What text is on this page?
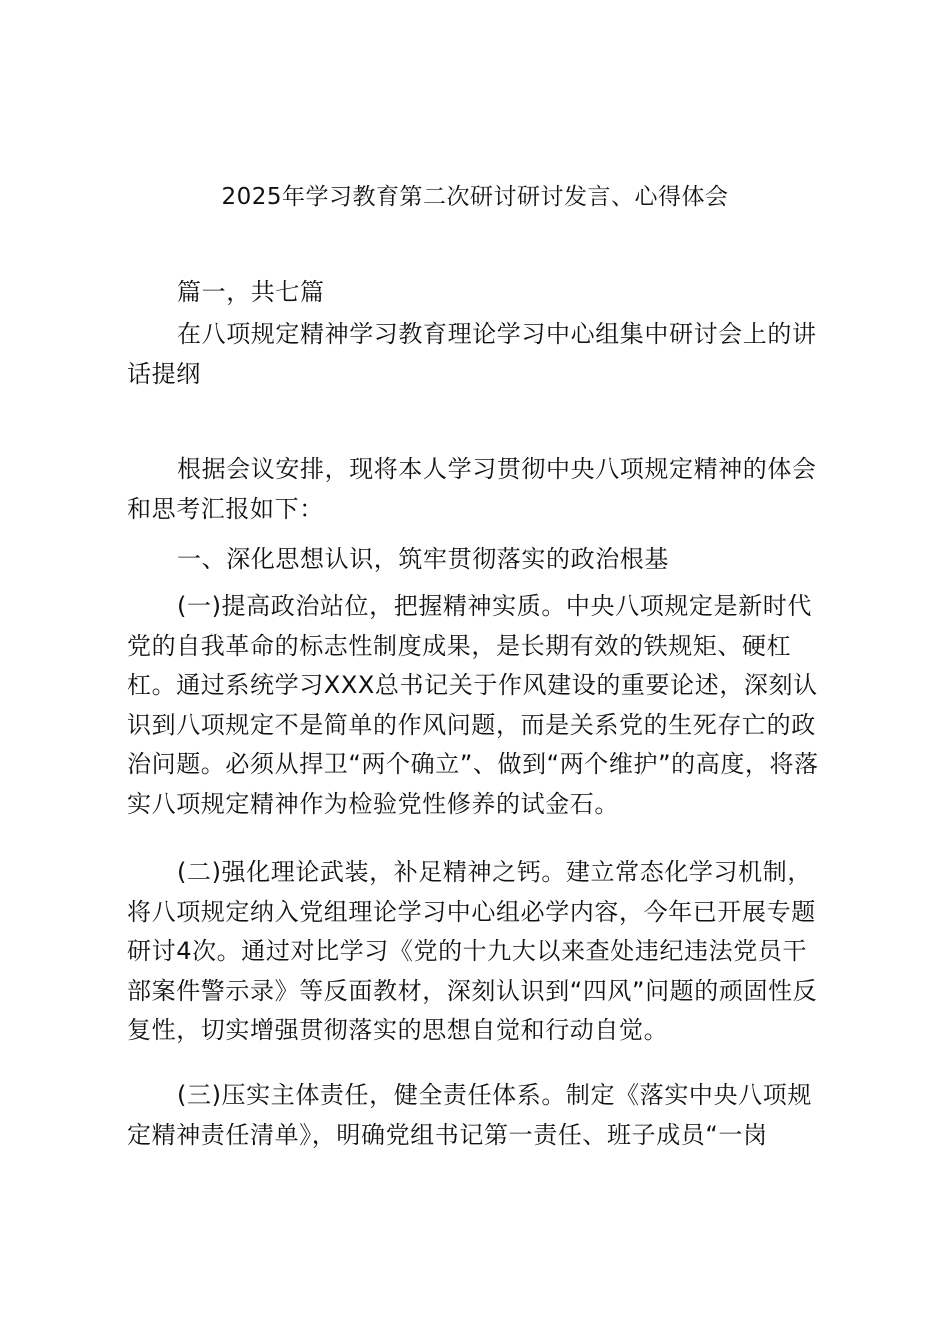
2025年学习教育第二次研讨研讨发言、心得体会

篇一，共七篇

在八项规定精神学习教育理论学习中心组集中研讨会上的讲话提纲

根据会议安排，现将本人学习贯彻中央八项规定精神的体会和思考汇报如下：

一、深化思想认识，筑牢贯彻落实的政治根基

(一)提高政治站位，把握精神实质。中央八项规定是新时代党的自我革命的标志性制度成果，是长期有效的铁规矩、硬杠杠。通过系统学习XXX总书记关于作风建设的重要论述，深刻认识到八项规定不是简单的作风问题，而是关系党的生死存亡的政治问题。必须从捍卫“两个确立”、做到“两个维护”的高度，将落实八项规定精神作为检验党性修养的试金石。

(二)强化理论武装，补足精神之钙。建立常态化学习机制，将八项规定纳入党组理论学习中心组必学内容，今年已开展专题研讨4次。通过对比学习《党的十九大以来查处违纪违法党员干部案件警示录》等反面教材，深刻认识到“四风”问题的顽固性反复性，切实增强贯彻落实的思想自觉和行动自觉。

(三)压实主体责任，健全责任体系。制定《落实中央八项规定精神责任清单》，明确党组书记第一责任、班子成员“一岗
